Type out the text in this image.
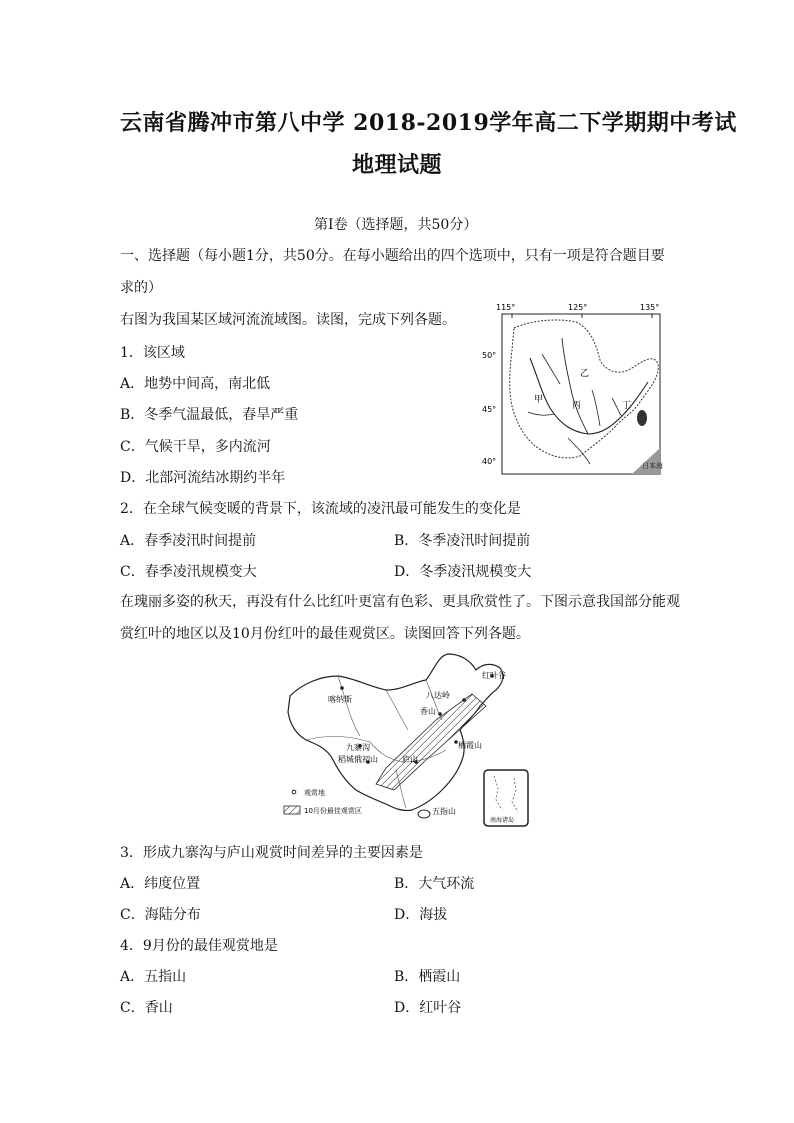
云南省腾冲市第八中学 2018-2019学年高二下学期期中考试
地理试题
第Ⅰ卷（选择题，共50分）
一、选择题（每小题1分，共50分。在每小题给出的四个选项中，只有一项是符合题目要
求的）
右图为我国某区域河流流域图。读图，完成下列各题。
1．该区域
A．地势中间高，南北低
B．冬季气温最低，春旱严重
C．气候干旱，多内流河
D．北部河流结冰期约半年
115°	125°	135°
50°
45°
40°
乙
甲
丙	丁
日本海
2．在全球气候变暖的背景下，该流域的凌汛最可能发生的变化是
A．春季凌汛时间提前	B．冬季凌汛时间提前
C．春季凌汛规模变大	D．冬季凌汛规模变大
在瑰丽多姿的秋天，再没有什么比红叶更富有色彩、更具欣赏性了。下图示意我国部分能观
赏红叶的地区以及10月份红叶的最佳观赏区。读图回答下列各题。
红叶谷
喀纳斯	八达岭
香山
九寨沟	栖霞山
稻城俄初山	庐山
五指山
观赏地
10月份最佳观赏区
南海诸岛
3．形成九寨沟与庐山观赏时间差异的主要因素是
A．纬度位置	B．大气环流
C．海陆分布	D．海拔
4．9月份的最佳观赏地是
A．五指山	B．栖霞山
C．香山	D．红叶谷
